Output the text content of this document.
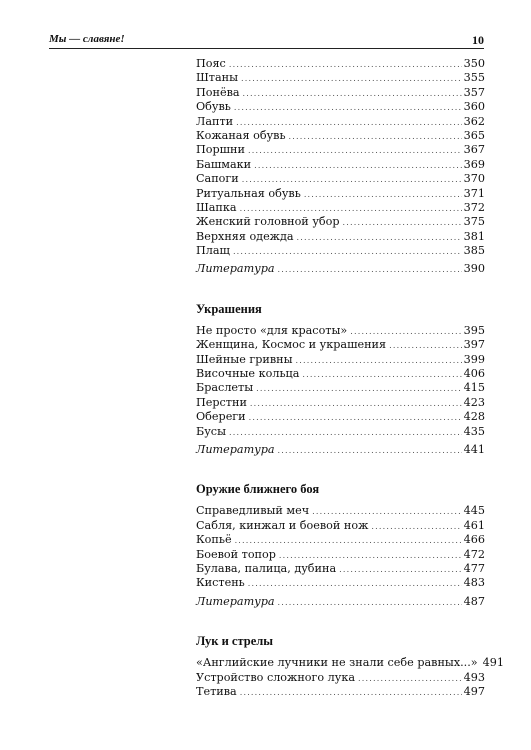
Мы — славяне!	10
Пояс .....	350
Штаны .....	355
Понёва .....	357
Обувь .....	360
Лапти .....	362
Кожаная обувь .....	365
Поршни .....	367
Башмаки .....	369
Сапоги .....	370
Ритуальная обувь .....	371
Шапка .....	372
Женский головной убор .....	375
Верхняя одежда .....	381
Плащ .....	385
Литература .....	390
Украшения
Не просто «для красоты» .....	395
Женщина, Космос и украшения .....	397
Шейные гривны .....	399
Височные кольца .....	406
Браслеты .....	415
Перстни .....	423
Обереги .....	428
Бусы .....	435
Литература .....	441
Оружие ближнего боя
Справедливый меч .....	445
Сабля, кинжал и боевой нож .....	461
Копьё .....	466
Боевой топор .....	472
Булава, палица, дубина .....	477
Кистень .....	483
Литература .....	487
Лук и стрелы
«Английские лучники не знали себе равных...» 491
Устройство сложного лука .....	493
Тетива .....	497
